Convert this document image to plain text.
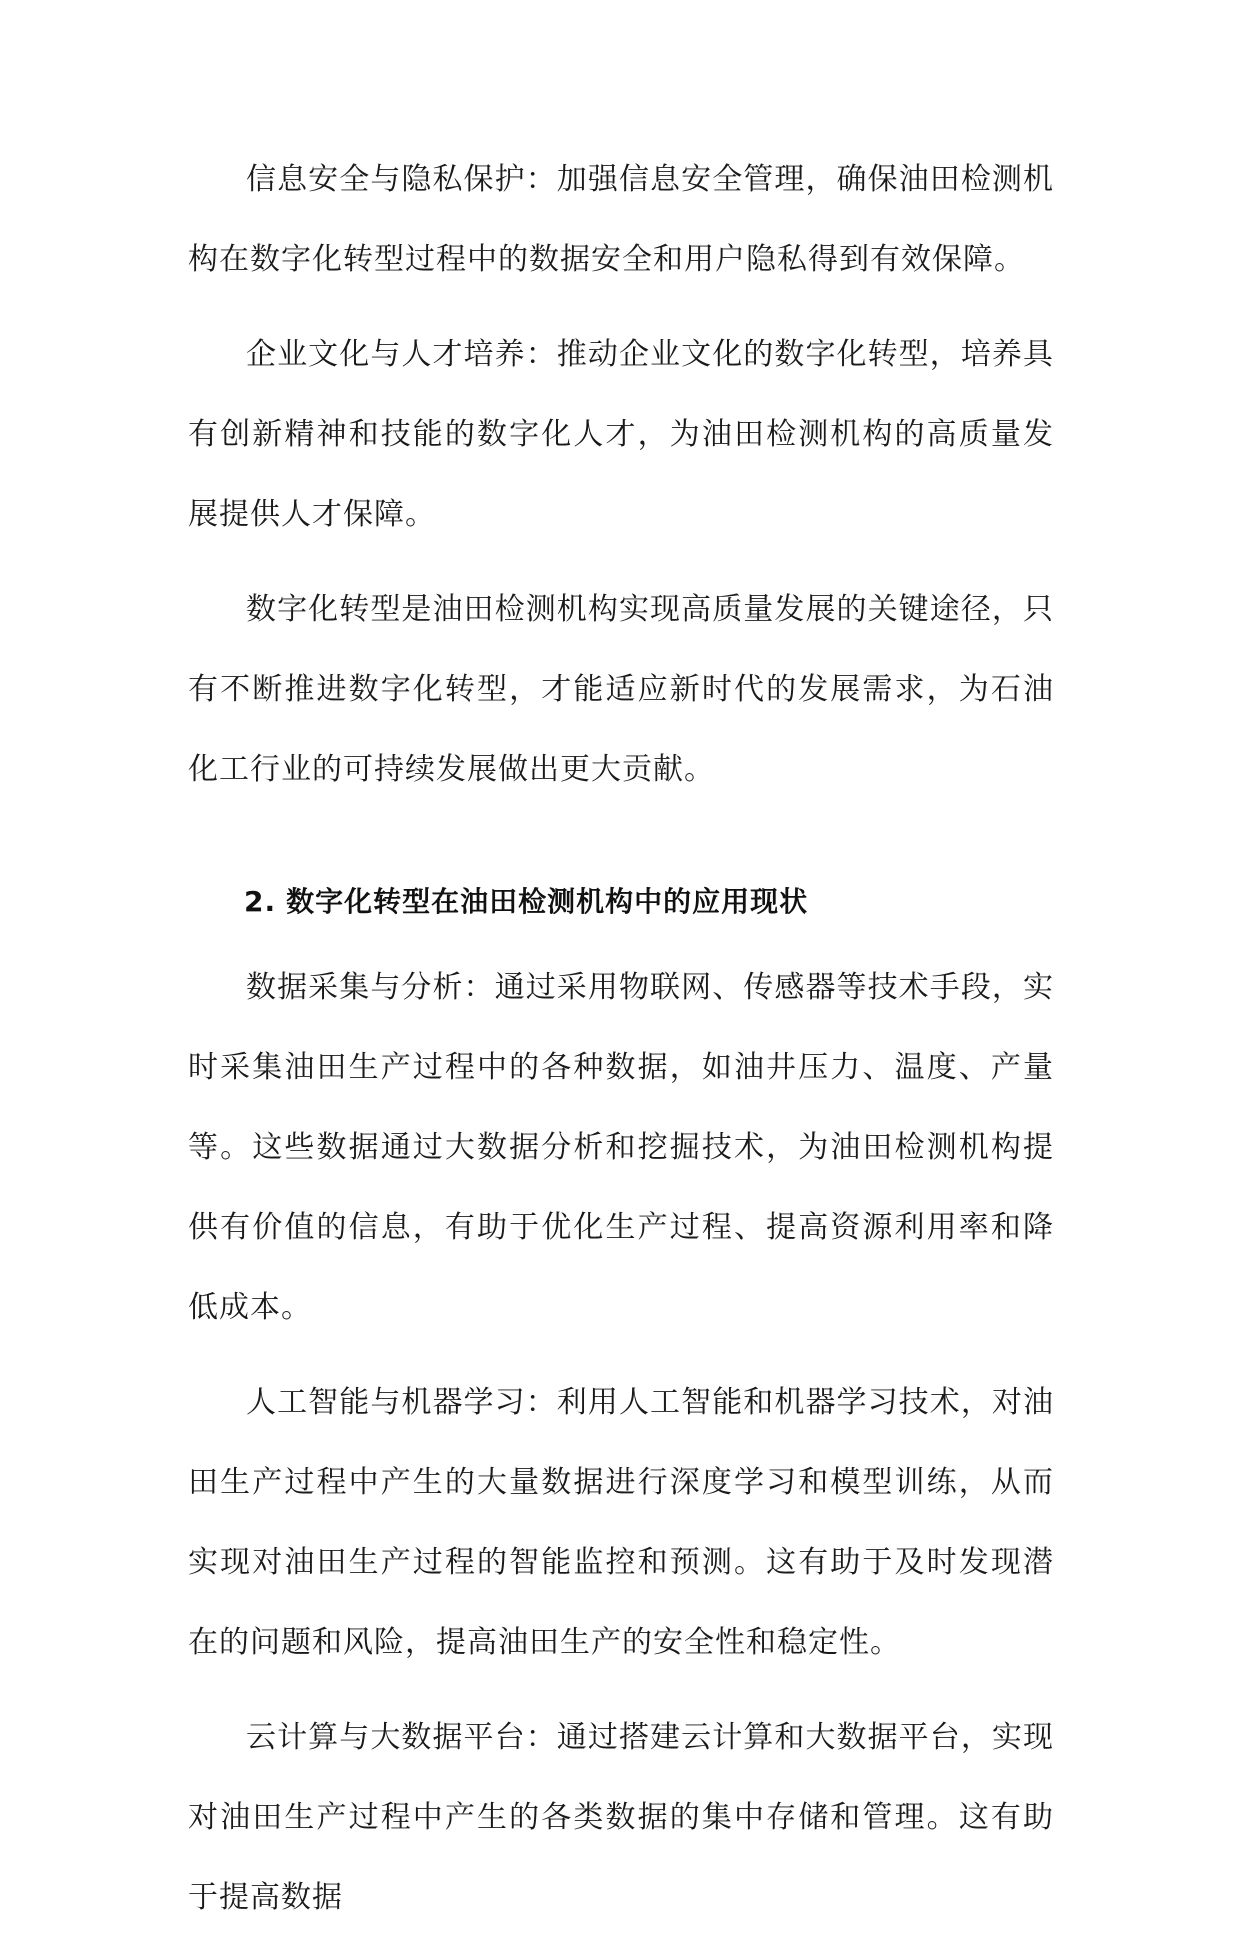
信息安全与隐私保护：加强信息安全管理，确保油田检测机构在数字化转型过程中的数据安全和用户隐私得到有效保障。

企业文化与人才培养：推动企业文化的数字化转型，培养具有创新精神和技能的数字化人才，为油田检测机构的高质量发展提供人才保障。

数字化转型是油田检测机构实现高质量发展的关键途径，只有不断推进数字化转型，才能适应新时代的发展需求，为石油化工行业的可持续发展做出更大贡献。

2. 数字化转型在油田检测机构中的应用现状

数据采集与分析：通过采用物联网、传感器等技术手段，实时采集油田生产过程中的各种数据，如油井压力、温度、产量等。这些数据通过大数据分析和挖掘技术，为油田检测机构提供有价值的信息，有助于优化生产过程、提高资源利用率和降低成本。

人工智能与机器学习：利用人工智能和机器学习技术，对油田生产过程中产生的大量数据进行深度学习和模型训练，从而实现对油田生产过程的智能监控和预测。这有助于及时发现潜在的问题和风险，提高油田生产的安全性和稳定性。

云计算与大数据平台：通过搭建云计算和大数据平台，实现对油田生产过程中产生的各类数据的集中存储和管理。这有助于提高数据
